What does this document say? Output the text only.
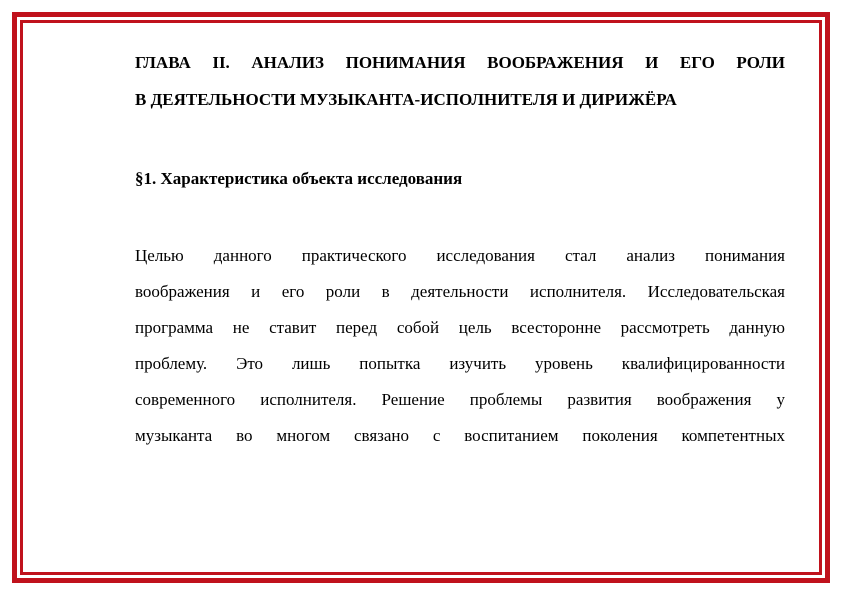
ГЛАВА II. АНАЛИЗ ПОНИМАНИЯ ВООБРАЖЕНИЯ И ЕГО РОЛИ
В ДЕЯТЕЛЬНОСТИ МУЗЫКАНТА-ИСПОЛНИТЕЛЯ И ДИРИЖЁРА
§1. Характеристика объекта исследования

Целью данного практического исследования стал анализ понимания
воображения и его роли в деятельности исполнителя. Исследовательская
программа не ставит перед собой цель всесторонне рассмотреть данную
проблему. Это лишь попытка изучить уровень квалифицированности
современного исполнителя. Решение проблемы развития воображения у
музыканта во многом связано с воспитанием поколения компетентных
